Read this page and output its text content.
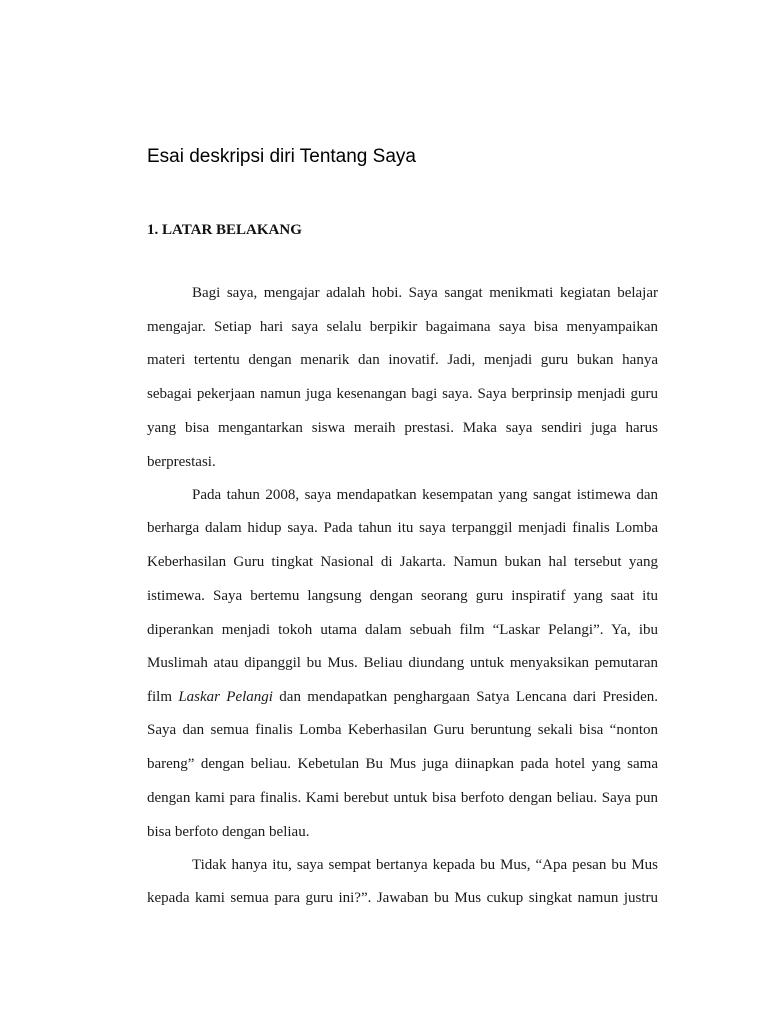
Esai deskripsi diri Tentang Saya
1. LATAR BELAKANG

Bagi saya, mengajar adalah hobi. Saya sangat menikmati kegiatan belajar

mengajar. Setiap hari saya selalu berpikir bagaimana saya bisa menyampaikan

materi tertentu dengan menarik dan inovatif. Jadi, menjadi guru bukan hanya

sebagai pekerjaan namun juga kesenangan bagi saya. Saya berprinsip menjadi guru

yang bisa mengantarkan siswa meraih prestasi. Maka saya sendiri juga harus

berprestasi.

Pada tahun 2008, saya mendapatkan kesempatan yang sangat istimewa dan

berharga dalam hidup saya. Pada tahun itu saya terpanggil menjadi finalis Lomba

Keberhasilan Guru tingkat Nasional di Jakarta. Namun bukan hal tersebut yang

istimewa. Saya bertemu langsung dengan seorang guru inspiratif yang saat itu

diperankan menjadi tokoh utama dalam sebuah film “Laskar Pelangi”. Ya, ibu

Muslimah atau dipanggil bu Mus. Beliau diundang untuk menyaksikan pemutaran

film Laskar Pelangi dan mendapatkan penghargaan Satya Lencana dari Presiden.

Saya dan semua finalis Lomba Keberhasilan Guru beruntung sekali bisa “nonton

bareng” dengan beliau. Kebetulan Bu Mus juga diinapkan pada hotel yang sama

dengan kami para finalis. Kami berebut untuk bisa berfoto dengan beliau. Saya pun

bisa berfoto dengan beliau.

Tidak hanya itu, saya sempat bertanya kepada bu Mus, “Apa pesan bu Mus

kepada kami semua para guru ini?”. Jawaban bu Mus cukup singkat namun justru
